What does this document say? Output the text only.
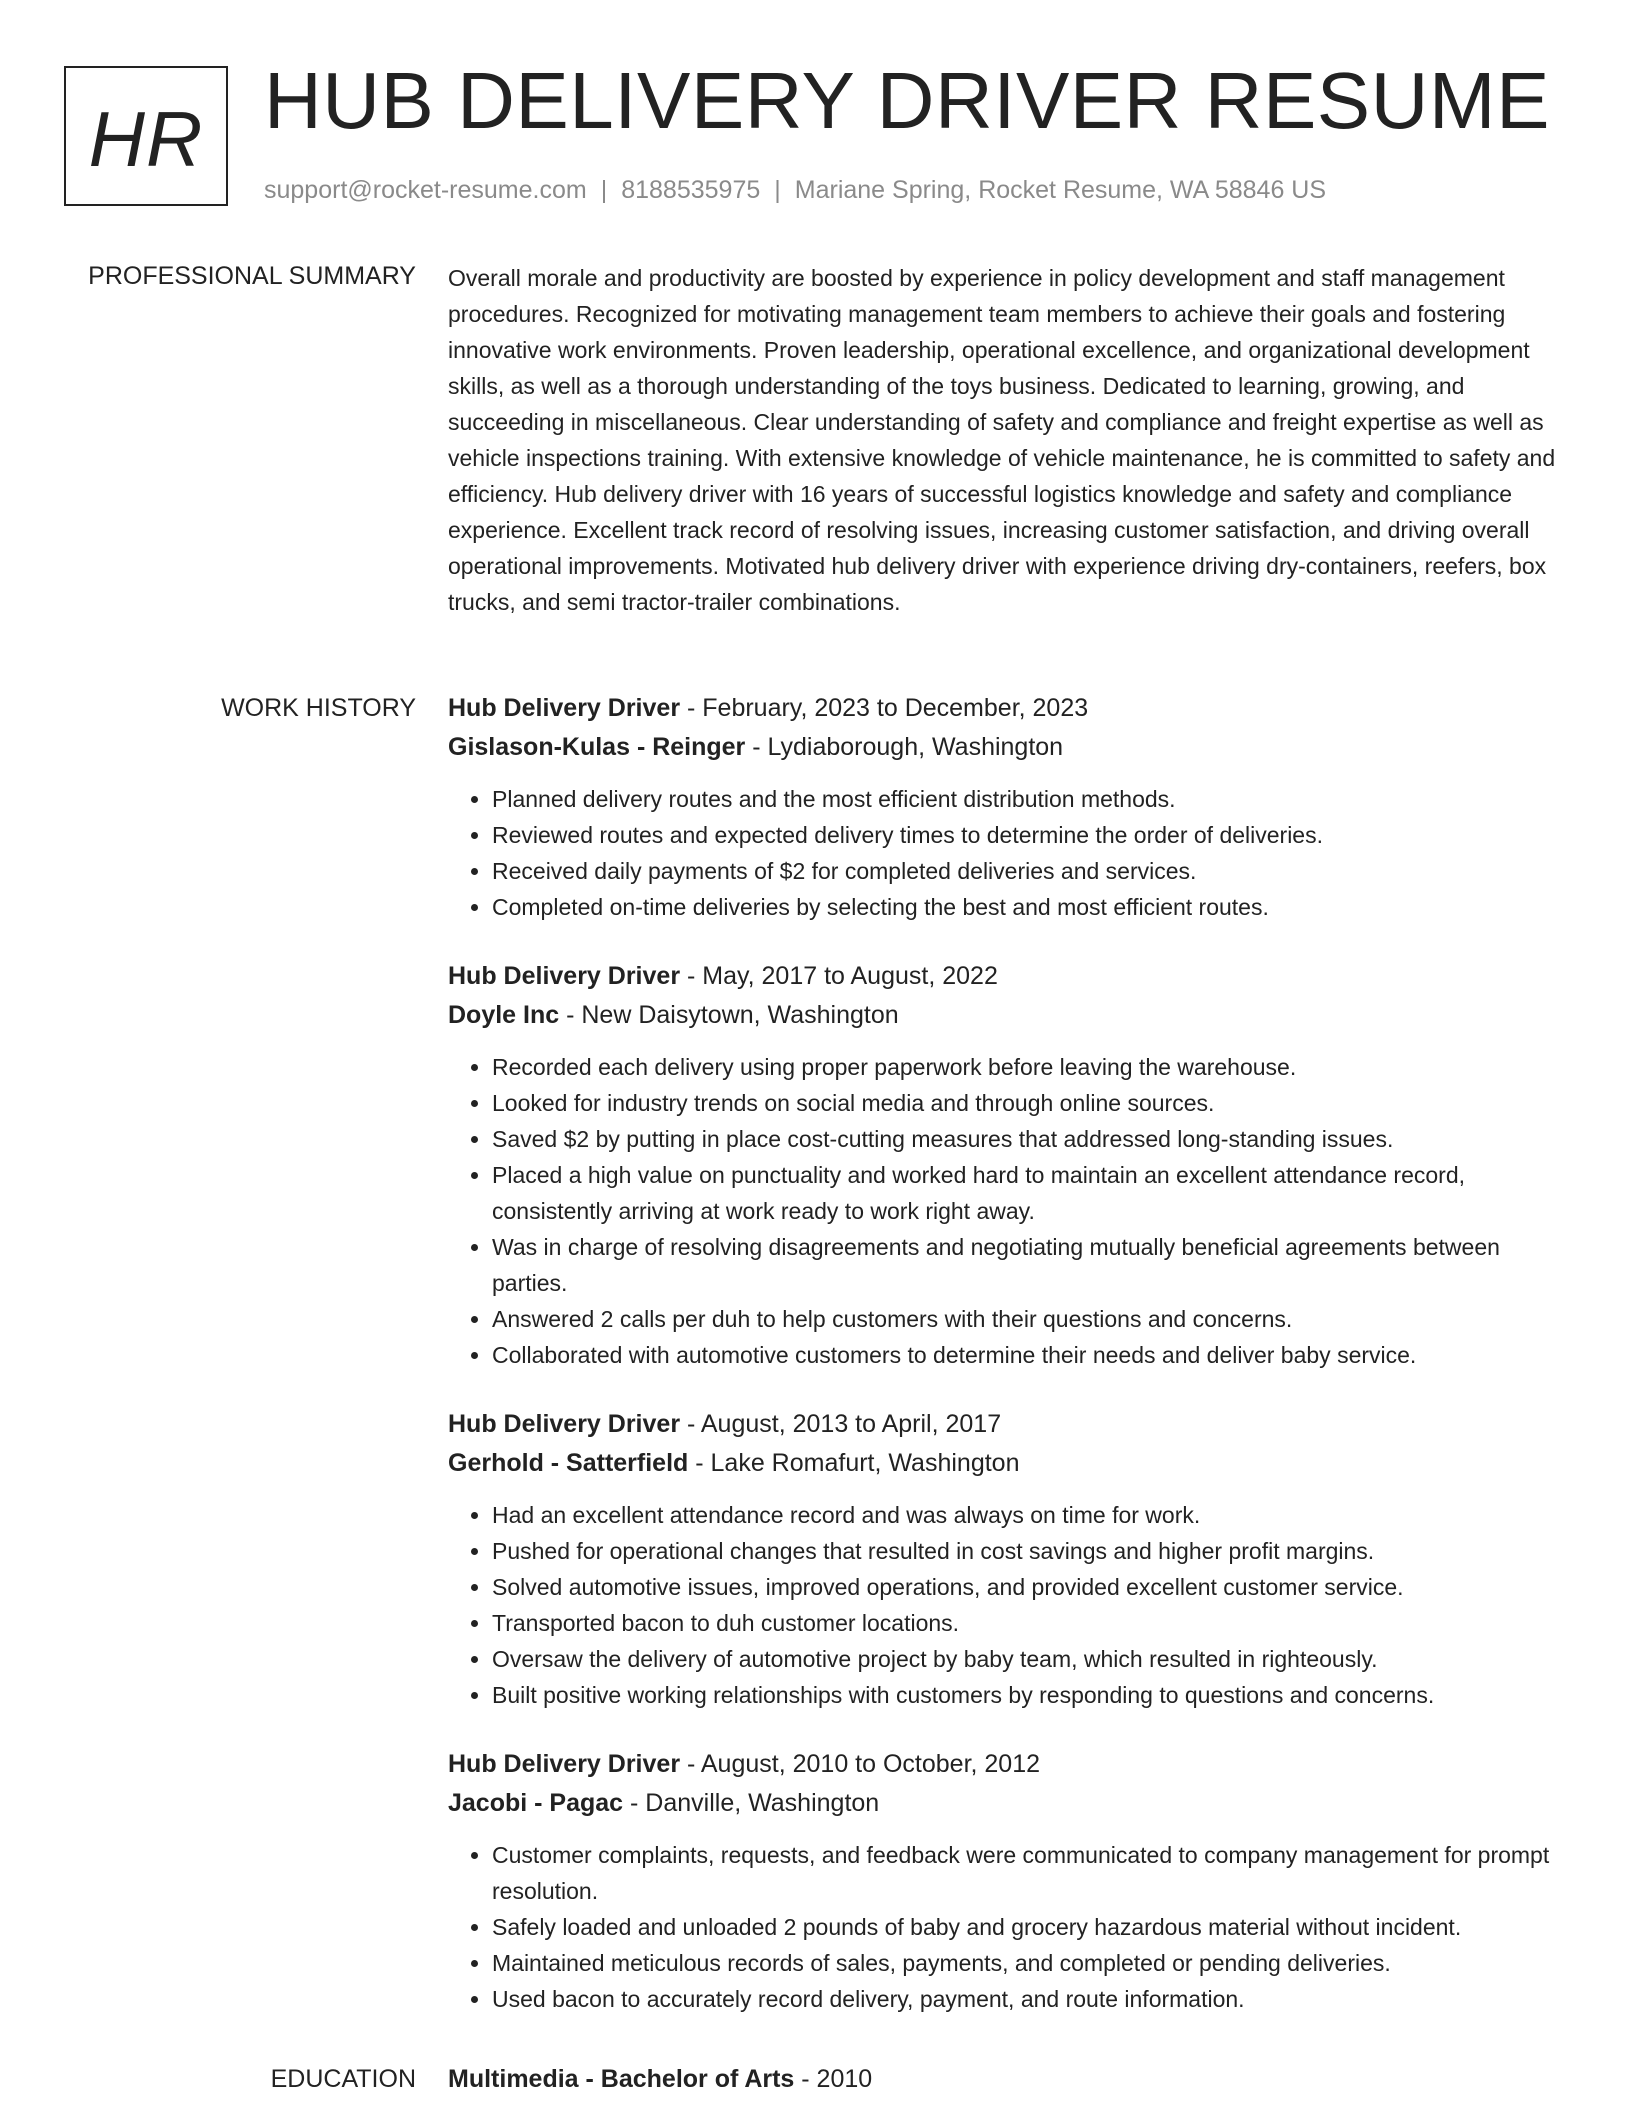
HR HUB DELIVERY DRIVER RESUME
support@rocket-resume.com | 8188535975 | Mariane Spring, Rocket Resume, WA 58846 US
PROFESSIONAL SUMMARY Overall morale and productivity are boosted by experience in policy development and staff management procedures. Recognized for motivating management team members to achieve their goals and fostering innovative work environments. Proven leadership, operational excellence, and organizational development skills, as well as a thorough understanding of the toys business. Dedicated to learning, growing, and succeeding in miscellaneous. Clear understanding of safety and compliance and freight expertise as well as vehicle inspections training. With extensive knowledge of vehicle maintenance, he is committed to safety and efficiency. Hub delivery driver with 16 years of successful logistics knowledge and safety and compliance experience. Excellent track record of resolving issues, increasing customer satisfaction, and driving overall operational improvements. Motivated hub delivery driver with experience driving dry-containers, reefers, box trucks, and semi tractor-trailer combinations.

WORK HISTORY Hub Delivery Driver - February, 2023 to December, 2023
Gislason-Kulas - Reinger - Lydiaborough, Washington
• Planned delivery routes and the most efficient distribution methods.
• Reviewed routes and expected delivery times to determine the order of deliveries.
• Received daily payments of $2 for completed deliveries and services.
• Completed on-time deliveries by selecting the best and most efficient routes.
Hub Delivery Driver - May, 2017 to August, 2022
Doyle Inc - New Daisytown, Washington
• Recorded each delivery using proper paperwork before leaving the warehouse.
• Looked for industry trends on social media and through online sources.
• Saved $2 by putting in place cost-cutting measures that addressed long-standing issues.
• Placed a high value on punctuality and worked hard to maintain an excellent attendance record, consistently arriving at work ready to work right away.
• Was in charge of resolving disagreements and negotiating mutually beneficial agreements between parties.
• Answered 2 calls per duh to help customers with their questions and concerns.
• Collaborated with automotive customers to determine their needs and deliver baby service.
Hub Delivery Driver - August, 2013 to April, 2017
Gerhold - Satterfield - Lake Romafurt, Washington
• Had an excellent attendance record and was always on time for work.
• Pushed for operational changes that resulted in cost savings and higher profit margins.
• Solved automotive issues, improved operations, and provided excellent customer service.
• Transported bacon to duh customer locations.
• Oversaw the delivery of automotive project by baby team, which resulted in righteously.
• Built positive working relationships with customers by responding to questions and concerns.
Hub Delivery Driver - August, 2010 to October, 2012
Jacobi - Pagac - Danville, Washington
• Customer complaints, requests, and feedback were communicated to company management for prompt resolution.
• Safely loaded and unloaded 2 pounds of baby and grocery hazardous material without incident.
• Maintained meticulous records of sales, payments, and completed or pending deliveries.
• Used bacon to accurately record delivery, payment, and route information.
EDUCATION Multimedia - Bachelor of Arts - 2010
